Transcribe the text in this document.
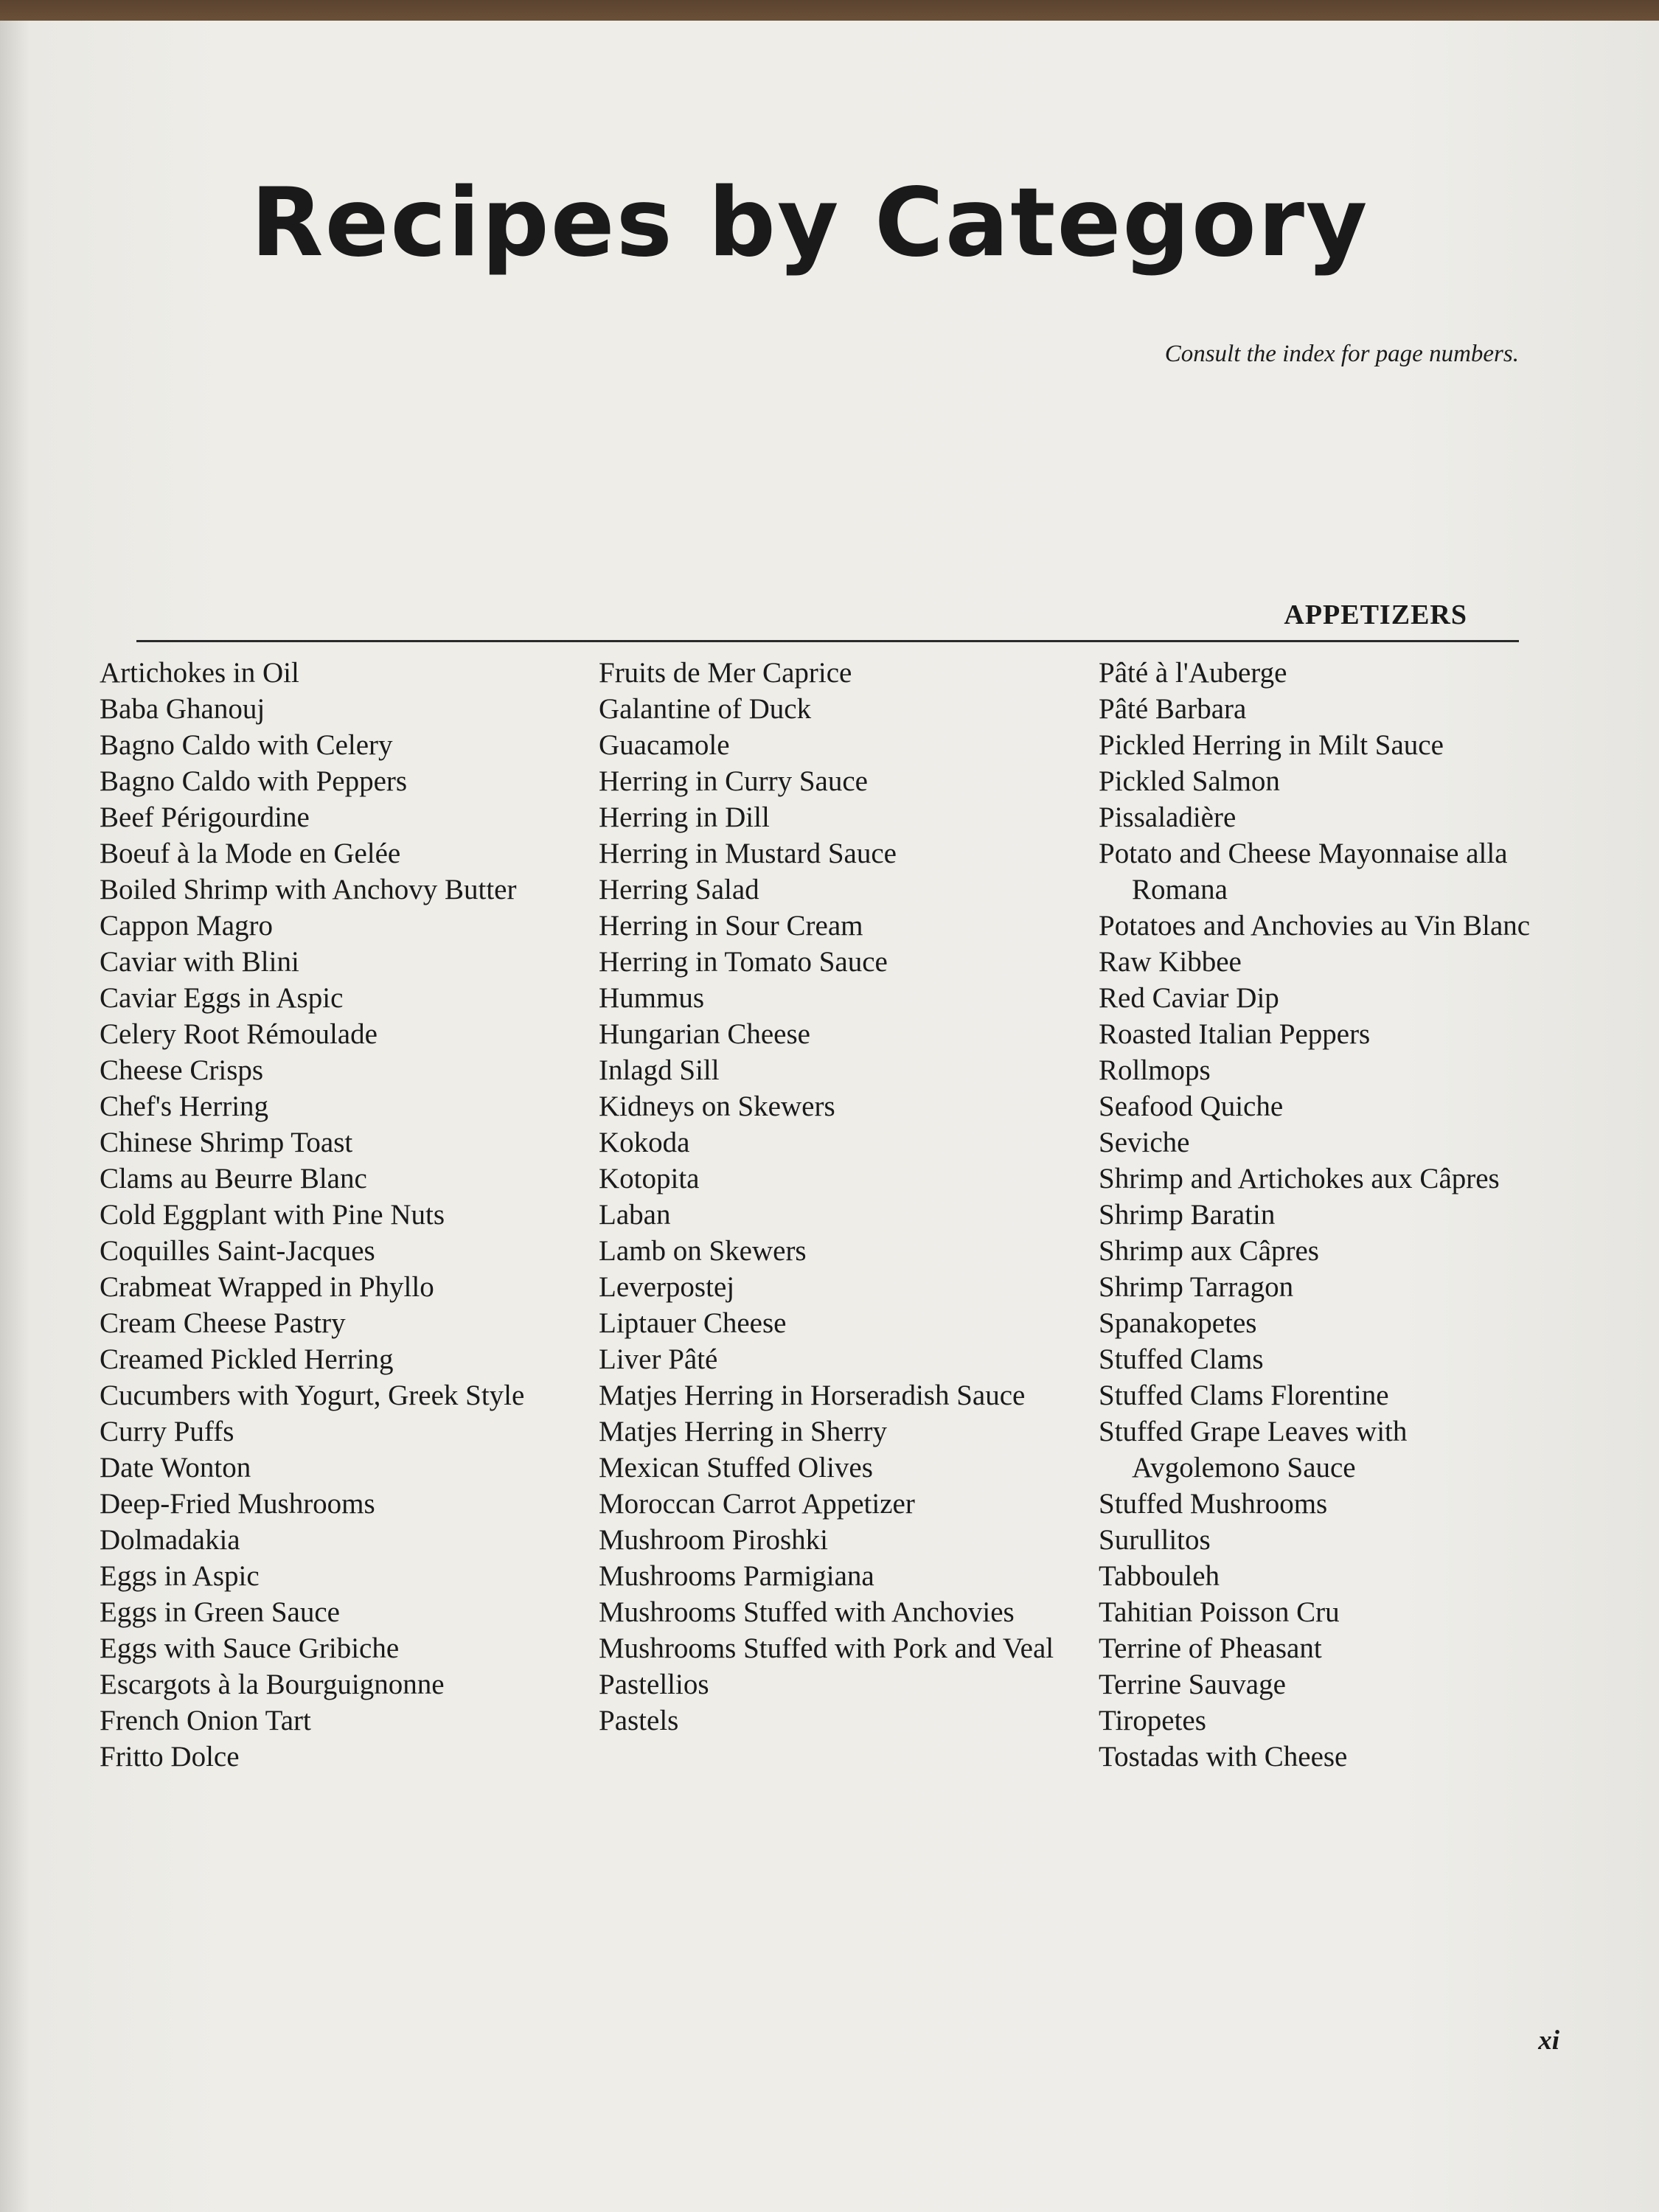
Recipes by Category
Consult the index for page numbers.
APPETIZERS
Artichokes in Oil
Baba Ghanouj
Bagno Caldo with Celery
Bagno Caldo with Peppers
Beef Périgourdine
Boeuf à la Mode en Gelée
Boiled Shrimp with Anchovy Butter
Cappon Magro
Caviar with Blini
Caviar Eggs in Aspic
Celery Root Rémoulade
Cheese Crisps
Chef's Herring
Chinese Shrimp Toast
Clams au Beurre Blanc
Cold Eggplant with Pine Nuts
Coquilles Saint-Jacques
Crabmeat Wrapped in Phyllo
Cream Cheese Pastry
Creamed Pickled Herring
Cucumbers with Yogurt, Greek Style
Curry Puffs
Date Wonton
Deep-Fried Mushrooms
Dolmadakia
Eggs in Aspic
Eggs in Green Sauce
Eggs with Sauce Gribiche
Escargots à la Bourguignonne
French Onion Tart
Fritto Dolce
Fruits de Mer Caprice
Galantine of Duck
Guacamole
Herring in Curry Sauce
Herring in Dill
Herring in Mustard Sauce
Herring Salad
Herring in Sour Cream
Herring in Tomato Sauce
Hummus
Hungarian Cheese
Inlagd Sill
Kidneys on Skewers
Kokoda
Kotopita
Laban
Lamb on Skewers
Leverpostej
Liptauer Cheese
Liver Pâté
Matjes Herring in Horseradish Sauce
Matjes Herring in Sherry
Mexican Stuffed Olives
Moroccan Carrot Appetizer
Mushroom Piroshki
Mushrooms Parmigiana
Mushrooms Stuffed with Anchovies
Mushrooms Stuffed with Pork and Veal
Pastellios
Pastels
Pâté à l'Auberge
Pâté Barbara
Pickled Herring in Milt Sauce
Pickled Salmon
Pissaladière
Potato and Cheese Mayonnaise alla Romana
Potatoes and Anchovies au Vin Blanc
Raw Kibbee
Red Caviar Dip
Roasted Italian Peppers
Rollmops
Seafood Quiche
Seviche
Shrimp and Artichokes aux Câpres
Shrimp Baratin
Shrimp aux Câpres
Shrimp Tarragon
Spanakopetes
Stuffed Clams
Stuffed Clams Florentine
Stuffed Grape Leaves with Avgolemono Sauce
Stuffed Mushrooms
Surullitos
Tabbouleh
Tahitian Poisson Cru
Terrine of Pheasant
Terrine Sauvage
Tiropetes
Tostadas with Cheese
xi
